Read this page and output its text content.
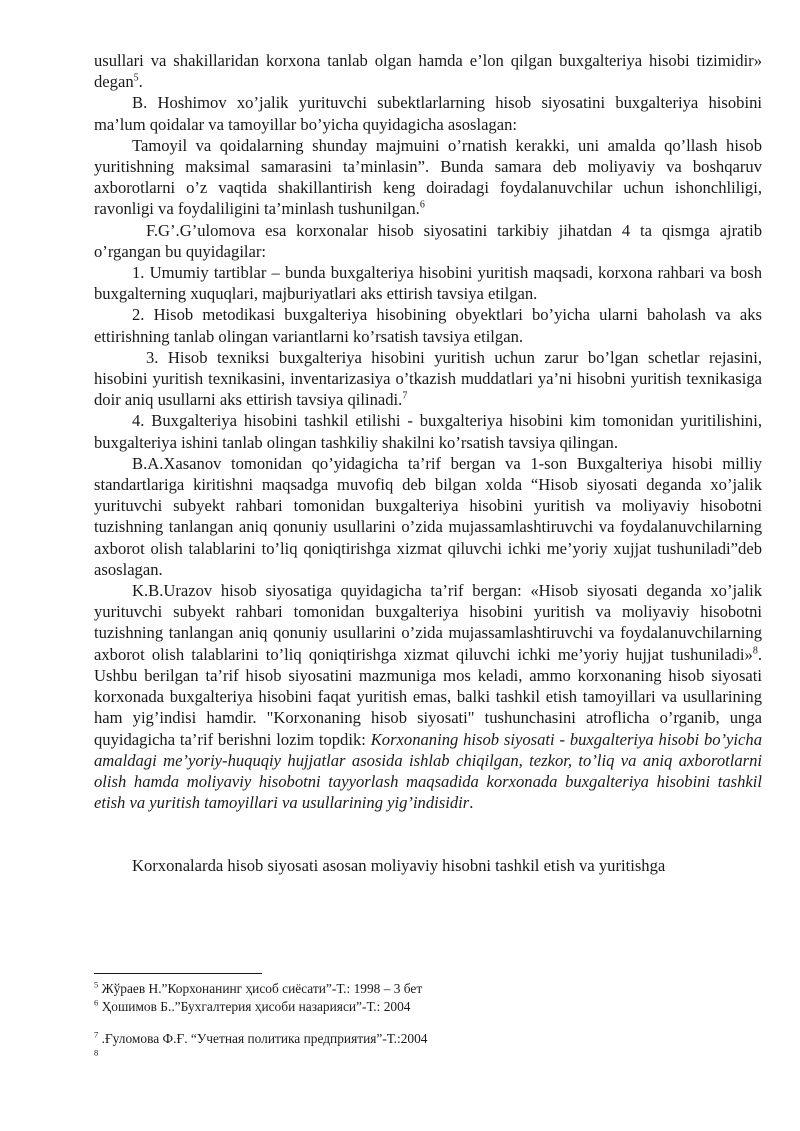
usullari va shakillaridan korxona tanlab olgan hamda e’lon qilgan buxgalteriya hisobi tizimidir» degan$^5$.

B. Hoshimov xo’jalik yurituvchi subektlarlarning hisob siyosatini buxgalteriya hisobini ma’lum qoidalar va tamoyillar bo’yicha quyidagicha asoslagan:

Tamoyil va qoidalarning shunday majmuini o’rnatish kerakki, uni amalda qo’llash hisob yuritishning maksimal samarasini ta’minlasin”. Bunda samara deb moliyaviy va boshqaruv axborotlarni o’z vaqtida shakillantirish keng doiradagi foydalanuvchilar uchun ishonchliligi, ravonligi va foydaliligini ta’minlash tushunilgan.$^6$

F.G’.G’ulomova esa korxonalar hisob siyosatini tarkibiy jihatdan 4 ta qismga ajratib o’rgangan bu quyidagilar:

1. Umumiy tartiblar – bunda buxgalteriya hisobini yuritish maqsadi, korxona rahbari va bosh buxgalterning xuquqlari, majburiyatlari aks ettirish tavsiya etilgan.

2. Hisob metodikasi buxgalteriya hisobining obyektlari bo’yicha ularni baholash va aks ettirishning tanlab olingan variantlarni ko’rsatish tavsiya etilgan.

3. Hisob texniksi buxgalteriya hisobini yuritish uchun zarur bo’lgan schetlar rejasini, hisobini yuritish texnikasini, inventarizasiya o’tkazish muddatlari ya’ni hisobni yuritish texnikasiga doir aniq usullarni aks ettirish tavsiya qilinadi.$^7$

4. Buxgalteriya hisobini tashkil etilishi - buxgalteriya hisobini kim tomonidan yuritilishini, buxgalteriya ishini tanlab olingan tashkiliy shakilni ko’rsatish tavsiya qilingan.

B.A.Xasanov tomonidan qo’yidagicha ta’rif bergan va 1-son Buxgalteriya hisobi milliy standartlariga kiritishni maqsadga muvofiq deb bilgan xolda “Hisob siyosati deganda xo’jalik yurituvchi subyekt rahbari tomonidan buxgalteriya hisobini yuritish va moliyaviy hisobotni tuzishning tanlangan aniq qonuniy usullarini o’zida mujassamlashtiruvchi va foydalanuvchilarning axborot olish talablarini to’liq qoniqtirishga xizmat qiluvchi ichki me’yoriy xujjat tushuniladi”deb asoslagan.

K.B.Urazov hisob siyosatiga quyidagicha ta’rif bergan: «Hisob siyosati deganda xo’jalik yurituvchi subyekt rahbari tomonidan buxgalteriya hisobini yuritish va moliyaviy hisobotni tuzishning tanlangan aniq qonuniy usullarini o’zida mujassamlashtiruvchi va foydalanuvchilarning axborot olish talablarini to’liq qoniqtirishga xizmat qiluvchi ichki me’yoriy hujjat tushuniladi»$^8$. Ushbu berilgan ta’rif hisob siyosatini mazmuniga mos keladi, ammo korxonaning hisob siyosati korxonada buxgalteriya hisobini faqat yuritish emas, balki tashkil etish tamoyillari va usullarining ham yig’indisi hamdir. "Korxonaning hisob siyosati" tushunchasini atroflicha o’rganib, unga quyidagicha ta’rif berishni lozim topdik: Korxonaning hisob siyosati - buxgalteriya hisobi bo’yicha amaldagi me’yoriy-huquqiy hujjatlar asosida ishlab chiqilgan, tezkor, to’liq va aniq axborotlarni olish hamda moliyaviy hisobotni tayyorlash maqsadida korxonada buxgalteriya hisobini tashkil etish va yuritish tamoyillari va usullarining yig’indisidir.

Korxonalarda hisob siyosati asosan moliyaviy hisobni tashkil etish va yuritishga

$^5$ Жўраев Н.”Корхонанинг ҳисоб сиёсати”-Т.: 1998 – 3 бет

$^6$ Ҳошимов Б..”Бухгалтерия ҳисоби назарияси”-Т.: 2004

$^7$ .Ғуломова Ф.Ғ. “Учетная политика предприятия”-Т.:2004

$^8$
